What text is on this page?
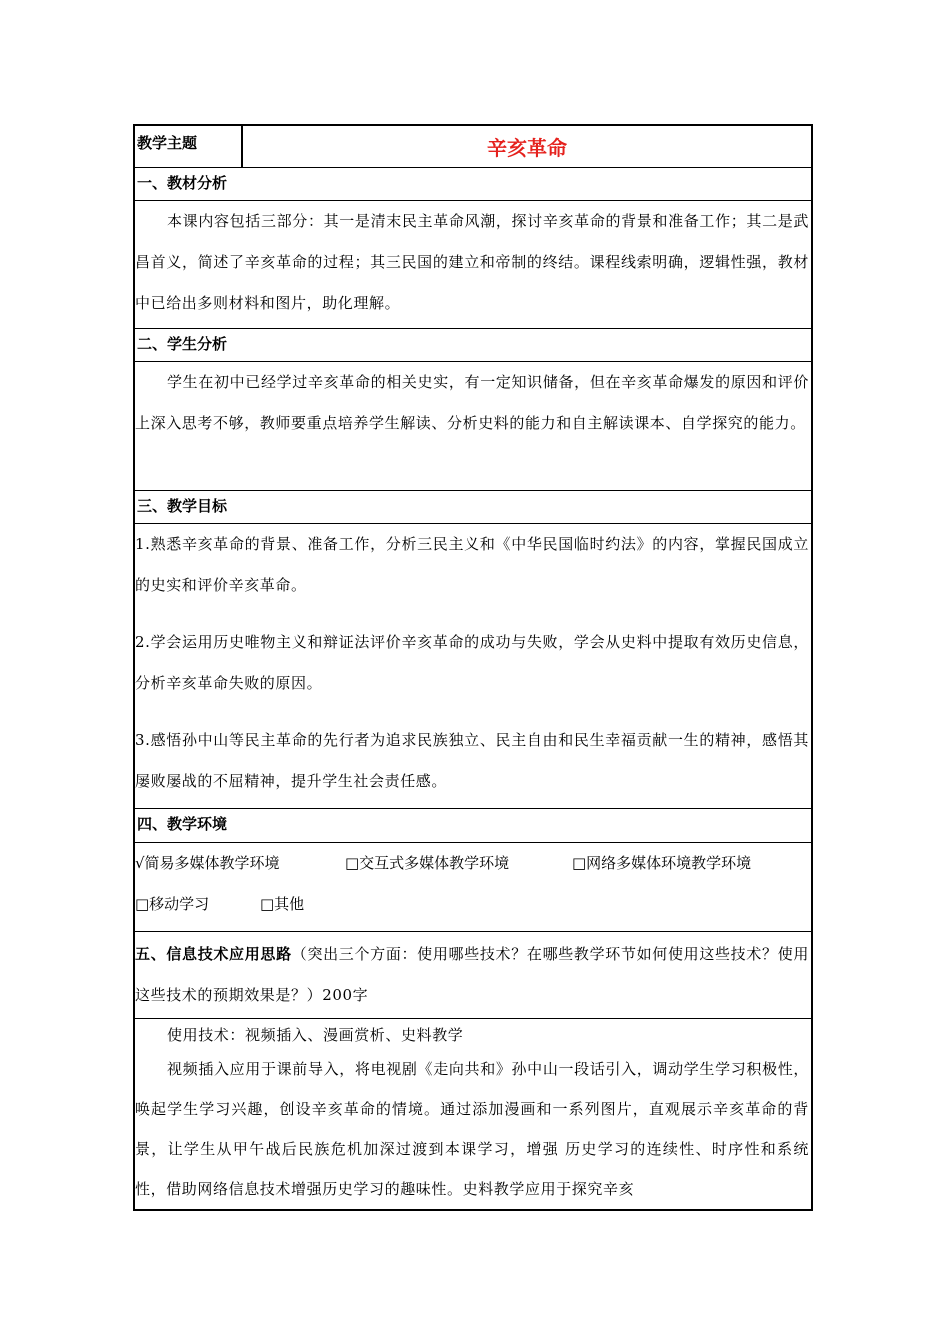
教学主题	辛亥革命
一、教材分析

本课内容包括三部分：其一是清末民主革命风潮，探讨辛亥革命的背景和准备工作；其二是武昌首义，简述了辛亥革命的过程；其三民国的建立和帝制的终结。课程线索明确，逻辑性强，教材中已给出多则材料和图片，助化理解。

二、学生分析

学生在初中已经学过辛亥革命的相关史实，有一定知识储备，但在辛亥革命爆发的原因和评价上深入思考不够，教师要重点培养学生解读、分析史料的能力和自主解读课本、自学探究的能力。

三、教学目标

1.熟悉辛亥革命的背景、准备工作，分析三民主义和《中华民国临时约法》的内容，掌握民国成立的史实和评价辛亥革命。

2.学会运用历史唯物主义和辩证法评价辛亥革命的成功与失败，学会从史料中提取有效历史信息，分析辛亥革命失败的原因。

3.感悟孙中山等民主革命的先行者为追求民族独立、民主自由和民生幸福贡献一生的精神，感悟其屡败屡战的不屈精神，提升学生社会责任感。

四、教学环境
√简易多媒体教学环境	□交互式多媒体教学环境	□网络多媒体环境教学环境
□移动学习	□其他

五、信息技术应用思路（突出三个方面：使用哪些技术？在哪些教学环节如何使用这些技术？使用这些技术的预期效果是？）200字

使用技术：视频插入、漫画赏析、史料教学

视频插入应用于课前导入，将电视剧《走向共和》孙中山一段话引入，调动学生学习积极性，唤起学生学习兴趣，创设辛亥革命的情境。通过添加漫画和一系列图片，直观展示辛亥革命的背景，让学生从甲午战后民族危机加深过渡到本课学习，增强 历史学习的连续性、时序性和系统性，借助网络信息技术增强历史学习的趣味性。史料教学应用于探究辛亥
